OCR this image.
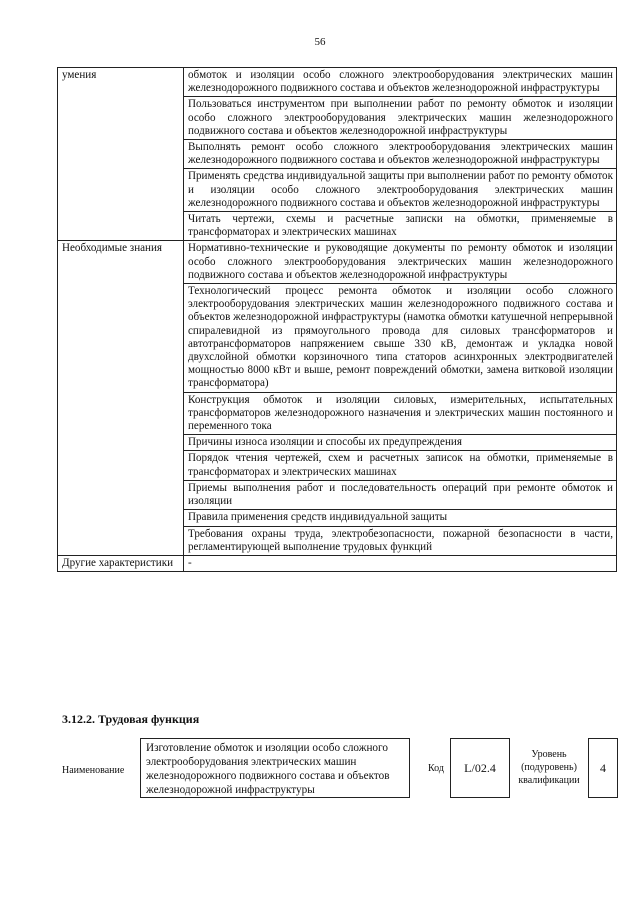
56
умения	обмоток и изоляции особо сложного электрооборудования электрических машин железнодорожного подвижного состава и объектов железнодорожной инфраструктуры
	Пользоваться инструментом при выполнении работ по ремонту обмоток и изоляции особо сложного электрооборудования электрических машин железнодорожного подвижного состава и объектов железнодорожной инфраструктуры
	Выполнять ремонт особо сложного электрооборудования электрических машин железнодорожного подвижного состава и объектов железнодорожной инфраструктуры
	Применять средства индивидуальной защиты при выполнении работ по ремонту обмоток и изоляции особо сложного электрооборудования электрических машин железнодорожного подвижного состава и объектов железнодорожной инфраструктуры
	Читать чертежи, схемы и расчетные записки на обмотки, применяемые в трансформаторах и электрических машинах
Необходимые знания	Нормативно-технические и руководящие документы по ремонту обмоток и изоляции особо сложного электрооборудования электрических машин железнодорожного подвижного состава и объектов железнодорожной инфраструктуры
	Технологический процесс ремонта обмоток и изоляции особо сложного электрооборудования электрических машин железнодорожного подвижного состава и объектов железнодорожной инфраструктуры (намотка обмотки катушечной непрерывной спиралевидной из прямоугольного провода для силовых трансформаторов и автотрансформаторов напряжением свыше 330 кВ, демонтаж и укладка новой двухслойной обмотки корзиночного типа статоров асинхронных электродвигателей мощностью 8000 кВт и выше, ремонт повреждений обмотки, замена витковой изоляции трансформатора)
	Конструкция обмоток и изоляции силовых, измерительных, испытательных трансформаторов железнодорожного назначения и электрических машин постоянного и переменного тока
	Причины износа изоляции и способы их предупреждения
	Порядок чтения чертежей, схем и расчетных записок на обмотки, применяемые в трансформаторах и электрических машинах
	Приемы выполнения работ и последовательность операций при ремонте обмоток и изоляции
	Правила применения средств индивидуальной защиты
	Требования охраны труда, электробезопасности, пожарной безопасности в части, регламентирующей выполнение трудовых функций
Другие характеристики	-
3.12.2. Трудовая функция
Наименование
Изготовление обмоток и изоляции особо сложного электрооборудования электрических машин железнодорожного подвижного состава и объектов железнодорожной инфраструктуры
Код	L/02.4
Уровень (подуровень) квалификации
4
